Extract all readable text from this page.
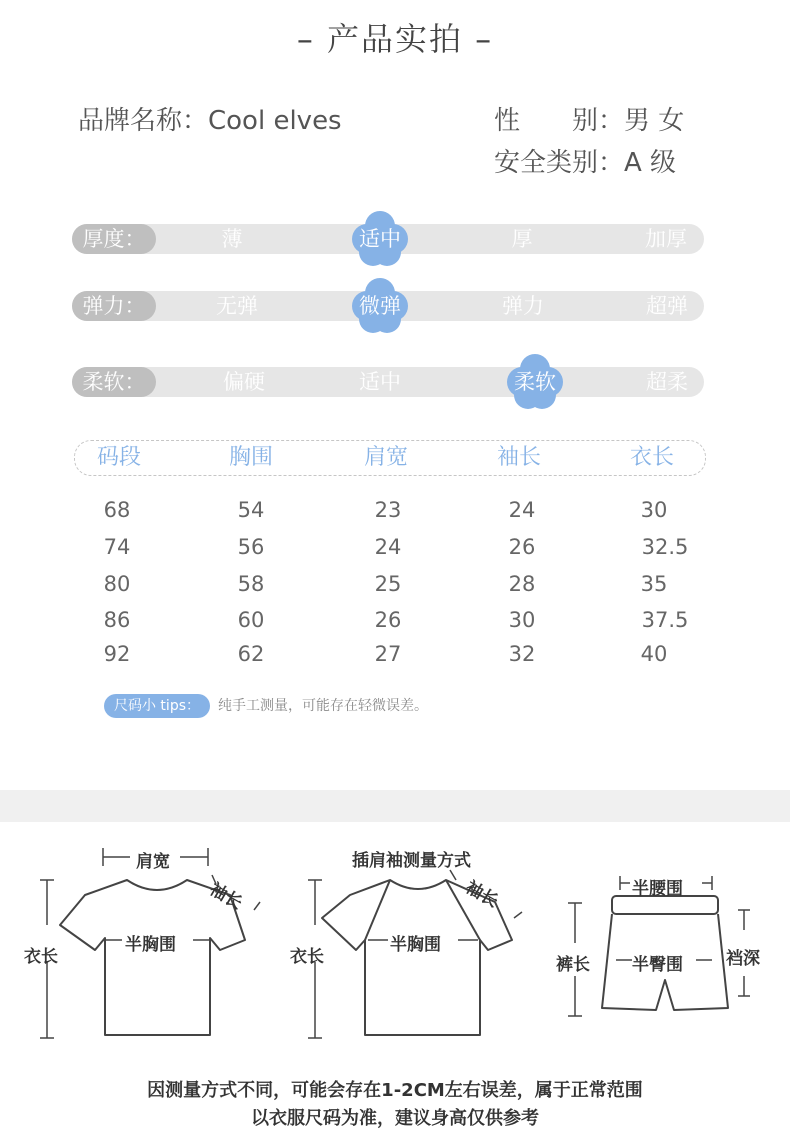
– 产品实拍 –
品牌名称：Cool elves	性　　别：男 女
安全类别：A 级
厚度：	薄	适中	厚	加厚
弹力：	无弹	微弹	弹力	超弹
柔软：	偏硬	适中	柔软	超柔
码段	胸围	肩宽	袖长	衣长
68	54	23	24	30
74	56	24	26	32.5
80	58	25	28	35
86	60	26	30	37.5
92	62	27	32	40
尺码小 tips：	纯手工测量，可能存在轻微误差。
肩宽
袖长
衣长
半胸围
插肩袖测量方式
袖长
衣长
半胸围
半腰围
裤长 半臀围	裆深
因测量方式不同，可能会存在1-2CM左右误差，属于正常范围
以衣服尺码为准，建议身高仅供参考
